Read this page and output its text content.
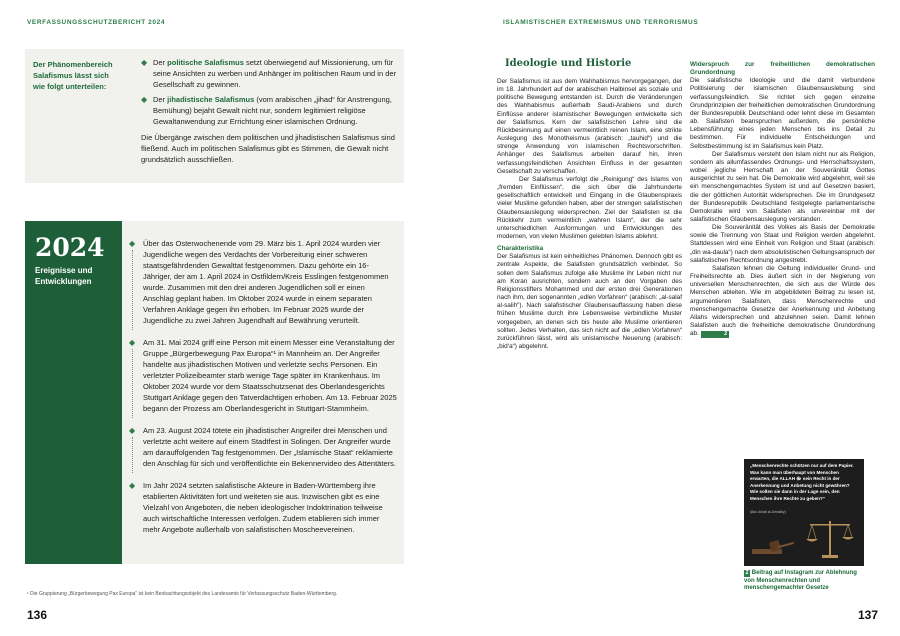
VERFASSUNGSSCHUTZBERICHT 2024	ISLAMISTISCHER EXTREMISMUS UND TERRORISMUS
Der Phänomenbereich Salafismus lässt sich wie folgt unterteilen:
◆ Der politische Salafismus setzt überwiegend auf Missionierung, um für seine Ansichten zu werben und Anhänger im politischen Raum und in der Gesellschaft zu gewinnen.
◆ Der jihadistische Salafismus (vom arabischen „jihad“ für Anstrengung, Bemühung) bejaht Gewalt nicht nur, sondern legitimiert religiöse Gewaltanwendung zur Errichtung einer islamischen Ordnung.
Die Übergänge zwischen dem politischen und jihadistischen Salafismus sind fließend. Auch im politischen Salafismus gibt es Stimmen, die Gewalt nicht grundsätzlich ausschließen.
2024
Ereignisse und Entwicklungen
◆ Über das Osterwochenende vom 29. März bis 1. April 2024 wurden vier Jugendliche wegen des Verdachts der Vorbereitung einer schweren staatsgefährdenden Gewalttat festgenommen. Dazu gehörte ein 16-Jähriger, der am 1. April 2024 in Ostfildern/Kreis Esslingen festgenommen wurde. Zusammen mit den drei anderen Jugendlichen soll er einen Anschlag geplant haben. Im Oktober 2024 wurde in einem separaten Verfahren Anklage gegen ihn erhoben. Im Februar 2025 wurde der Jugendliche zu zwei Jahren Jugendhaft auf Bewährung verurteilt.
◆ Am 31. Mai 2024 griff eine Person mit einem Messer eine Veranstaltung der Gruppe „Bürgerbewegung Pax Europa“¹ in Mannheim an. Der Angreifer handelte aus jihadistischen Motiven und verletzte sechs Personen. Ein verletzter Polizeibeamter starb wenige Tage später im Krankenhaus. Im Oktober 2024 wurde vor dem Staatsschutzsenat des Oberlandesgerichts Stuttgart Anklage gegen den Tatverdächtigen erhoben. Am 13. Februar 2025 begann der Prozess am Oberlandesgericht in Stuttgart-Stammheim.
◆ Am 23. August 2024 tötete ein jihadistischer Angreifer drei Menschen und verletzte acht weitere auf einem Stadtfest in Solingen. Der Angreifer wurde am darauffolgenden Tag festgenommen. Der „Islamische Staat“ reklamierte den Anschlag für sich und veröffentlichte ein Bekennervideo des Attentäters.
◆ Im Jahr 2024 setzten salafistische Akteure in Baden-Württemberg ihre etablierten Aktivitäten fort und weiteten sie aus. Inzwischen gibt es eine Vielzahl von Angeboten, die neben ideologischer Indoktrination teilweise auch wirtschaftliche Interessen verfolgen. Zudem etablieren sich immer mehr Angebote außerhalb von salafistischen Moscheevereinen.
¹ Die Gruppierung „Bürgerbewegung Pax Europa“ ist kein Beobachtungsobjekt des Landesamts für Verfassungsschutz Baden-Württemberg.
136	137
Ideologie und Historie
Der Salafismus ist aus dem Wahhabismus hervorgegangen, der im 18. Jahrhundert auf der arabischen Halbinsel als soziale und politische Bewegung entstanden ist. Durch die Veränderungen des Wahhabismus außerhalb Saudi-Arabiens und durch Einflüsse anderer islamistischer Bewegungen entwickelte sich der Salafismus. Kern der salafistischen Lehre sind die Rückbesinnung auf einen vermeintlich reinen Islam, eine strikte Auslegung des Monotheismus (arabisch: „tauhid“) und die strenge Anwendung von islamischen Rechtsvorschriften. Anhänger des Salafismus arbeiten darauf hin, ihren verfassungsfeindlichen Ansichten Einfluss in der gesamten Gesellschaft zu verschaffen.
Der Salafismus verfolgt die „Reinigung“ des Islams von „fremden Einflüssen“, die sich über die Jahrhunderte gesellschaftlich entwickelt und Eingang in die Glaubenspraxis vieler Muslime gefunden haben, aber der strengen salafistischen Glaubensauslegung widersprechen. Ziel der Salafisten ist die Rückkehr zum vermeintlich „wahren Islam“, der die sehr unterschiedlichen Ausformungen und Entwicklungen des modernen, von vielen Muslimen gelebten Islams ablehnt.
Charakteristika
Der Salafismus ist kein einheitliches Phänomen. Dennoch gibt es zentrale Aspekte, die Salafisten grundsätzlich verbindet. So sollen dem Salafismus zufolge alle Muslime ihr Leben nicht nur am Koran ausrichten, sondern auch an den Vorgaben des Religionsstifters Mohammed und der ersten drei Generationen nach ihm, den sogenannten „edlen Vorfahren“ (arabisch: „al-salaf al-salih“). Nach salafistischer Glaubensauffassung haben diese frühen Muslime durch ihre Lebensweise verbindliche Muster vorgegeben, an denen sich bis heute alle Muslime orientieren sollten. Jedes Verhalten, das sich nicht auf die „edlen Vorfahren“ zurückführen lässt, wird als unislamische Neuerung (arabisch: „bid‘a“) abgelehnt.
Widerspruch zur freiheitlichen demokratischen Grundordnung
Die salafistische Ideologie und die damit verbundene Politisierung der islamischen Glaubensauslebung sind verfassungsfeindlich. Sie richtet sich gegen einzelne Grundprinzipien der freiheitlichen demokratischen Grundordnung der Bundesrepublik Deutschland oder lehnt diese im Gesamten ab. Salafisten beanspruchen außerdem, die persönliche Lebensführung eines jeden Menschen bis ins Detail zu bestimmen. Für individuelle Entscheidungen und Selbstbestimmung ist im Salafismus kein Platz.
Der Salafismus versteht den Islam nicht nur als Religion, sondern als allumfassendes Ordnungs- und Herrschaftssystem, wobei jegliche Herrschaft an der Souveränität Gottes ausgerichtet zu sein hat. Die Demokratie wird abgelehnt, weil sie ein menschengemachtes System ist und auf Gesetzen basiert, die der göttlichen Autorität widersprechen. Die im Grundgesetz der Bundesrepublik Deutschland festgelegte parlamentarische Demokratie wird von Salafisten als unvereinbar mit der salafistischen Glaubensauslegung verstanden.
Die Souveränität des Volkes als Basis der Demokratie sowie die Trennung von Staat und Religion werden abgelehnt. Stattdessen wird eine Einheit von Religion und Staat (arabisch: „din wa-daula“) nach dem absolutistischen Geltungsanspruch der salafistischen Rechtsordnung angestrebt.
Salafisten lehnen die Geltung individueller Grund- und Freiheitsrechte ab. Dies äußert sich in der Negierung von universellen Menschenrechten, die sich aus der Würde des Menschen ableiten. Wie im abgebildeten Beitrag zu lesen ist, argumentieren Salafisten, dass Menschenrechte und menschengemachte Gesetze der Anerkennung und Anbetung Allahs widersprechen und abzulehnen seien. Damit lehnen Salafisten auch die freiheitliche demokratische Grundordnung ab.	2
„Menschenrechte schützen nur auf dem Papier. Was kann man überhaupt von Menschen erwarten, die ALLAH ﷻ sein Recht in der Anerkennung und Anbetung nicht gewähren? Wie sollen sie dann in der Lage sein, den Menschen ihre Rechte zu geben?“
[Abu Ahiati al-Almaliky]
2 Beitrag auf Instagram zur Ablehnung von Menschenrechten und menschengemachter Gesetze
